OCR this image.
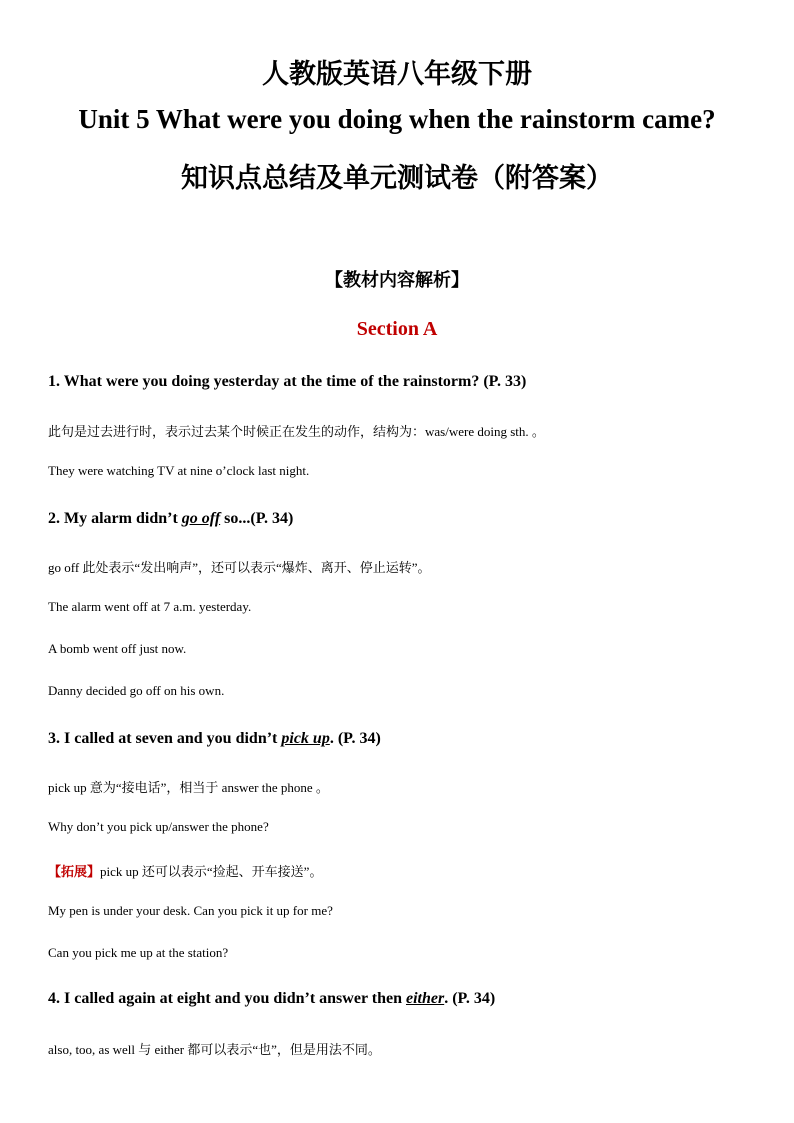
人教版英语八年级下册
Unit 5 What were you doing when the rainstorm came?
知识点总结及单元测试卷（附答案）
【教材内容解析】
Section A
1. What were you doing yesterday at the time of the rainstorm? (P. 33)
此句是过去进行时，表示过去某个时候正在发生的动作，结构为：was/were doing sth. 。
They were watching TV at nine o’clock last night.
2. My alarm didn’t go off so...(P. 34)
go off 此处表示“发出响声”，还可以表示“爆炸、离开、停止运转”。
The alarm went off at 7 a.m. yesterday.
A bomb went off just now.
Danny decided go off on his own.
3. I called at seven and you didn’t pick up. (P. 34)
pick up 意为“接电话”，相当于 answer the phone 。
Why don’t you pick up/answer the phone?
【拓展】pick up 还可以表示“捡起、开车接送”。
My pen is under your desk. Can you pick it up for me?
Can you pick me up at the station?
4. I called again at eight and you didn’t answer then either. (P. 34)
also, too, as well 与 either 都可以表示“也”，但是用法不同。
